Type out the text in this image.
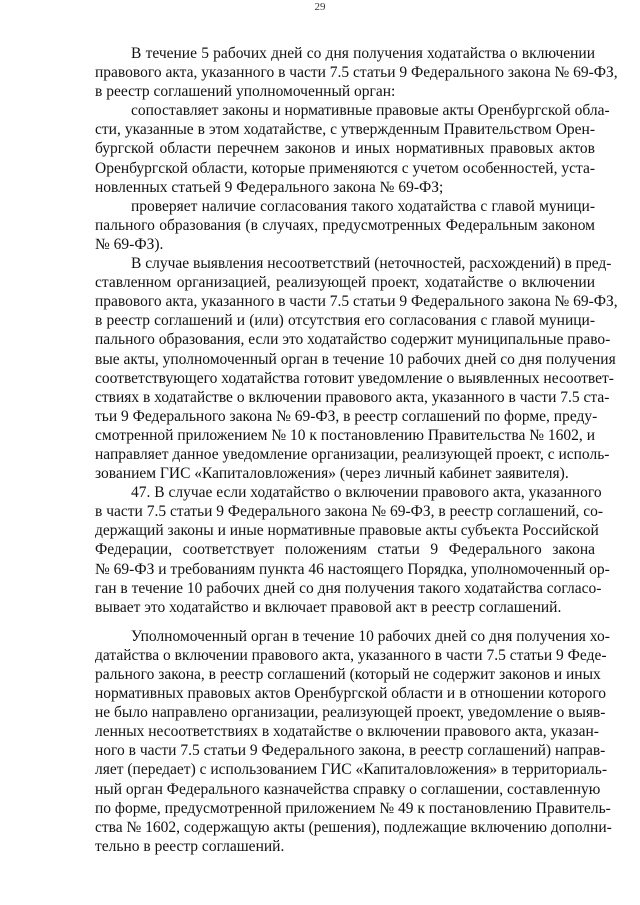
29
В течение 5 рабочих дней со дня получения ходатайства о включении
правового акта, указанного в части 7.5 статьи 9 Федерального закона № 69-ФЗ,
в реестр соглашений уполномоченный орган:
сопоставляет законы и нормативные правовые акты Оренбургской обла-
сти, указанные в этом ходатайстве, с утвержденным Правительством Орен-
бургской области перечнем законов и иных нормативных правовых актов
Оренбургской области, которые применяются с учетом особенностей, уста-
новленных статьей 9 Федерального закона № 69-ФЗ;
проверяет наличие согласования такого ходатайства с главой муници-
пального образования (в случаях, предусмотренных Федеральным законом
№ 69-ФЗ).
В случае выявления несоответствий (неточностей, расхождений) в пред-
ставленном организацией, реализующей проект, ходатайстве о включении
правового акта, указанного в части 7.5 статьи 9 Федерального закона № 69-ФЗ,
в реестр соглашений и (или) отсутствия его согласования с главой муници-
пального образования, если это ходатайство содержит муниципальные право-
вые акты, уполномоченный орган в течение 10 рабочих дней со дня получения
соответствующего ходатайства готовит уведомление о выявленных несоответ-
ствиях в ходатайстве о включении правового акта, указанного в части 7.5 ста-
тьи 9 Федерального закона № 69-ФЗ, в реестр соглашений по форме, преду-
смотренной приложением № 10 к постановлению Правительства № 1602, и
направляет данное уведомление организации, реализующей проект, с исполь-
зованием ГИС «Капиталовложения» (через личный кабинет заявителя).
47. В случае если ходатайство о включении правового акта, указанного
в части 7.5 статьи 9 Федерального закона № 69-ФЗ, в реестр соглашений, со-
держащий законы и иные нормативные правовые акты субъекта Российской
Федерации, соответствует положениям статьи 9 Федерального закона
№ 69-ФЗ и требованиям пункта 46 настоящего Порядка, уполномоченный ор-
ган в течение 10 рабочих дней со дня получения такого ходатайства согласо-
вывает это ходатайство и включает правовой акт в реестр соглашений.
Уполномоченный орган в течение 10 рабочих дней со дня получения хо-
датайства о включении правового акта, указанного в части 7.5 статьи 9 Феде-
рального закона, в реестр соглашений (который не содержит законов и иных
нормативных правовых актов Оренбургской области и в отношении которого
не было направлено организации, реализующей проект, уведомление о выяв-
ленных несоответствиях в ходатайстве о включении правового акта, указан-
ного в части 7.5 статьи 9 Федерального закона, в реестр соглашений) направ-
ляет (передает) с использованием ГИС «Капиталовложения» в территориаль-
ный орган Федерального казначейства справку о соглашении, составленную
по форме, предусмотренной приложением № 49 к постановлению Правитель-
ства № 1602, содержащую акты (решения), подлежащие включению дополни-
тельно в реестр соглашений.
